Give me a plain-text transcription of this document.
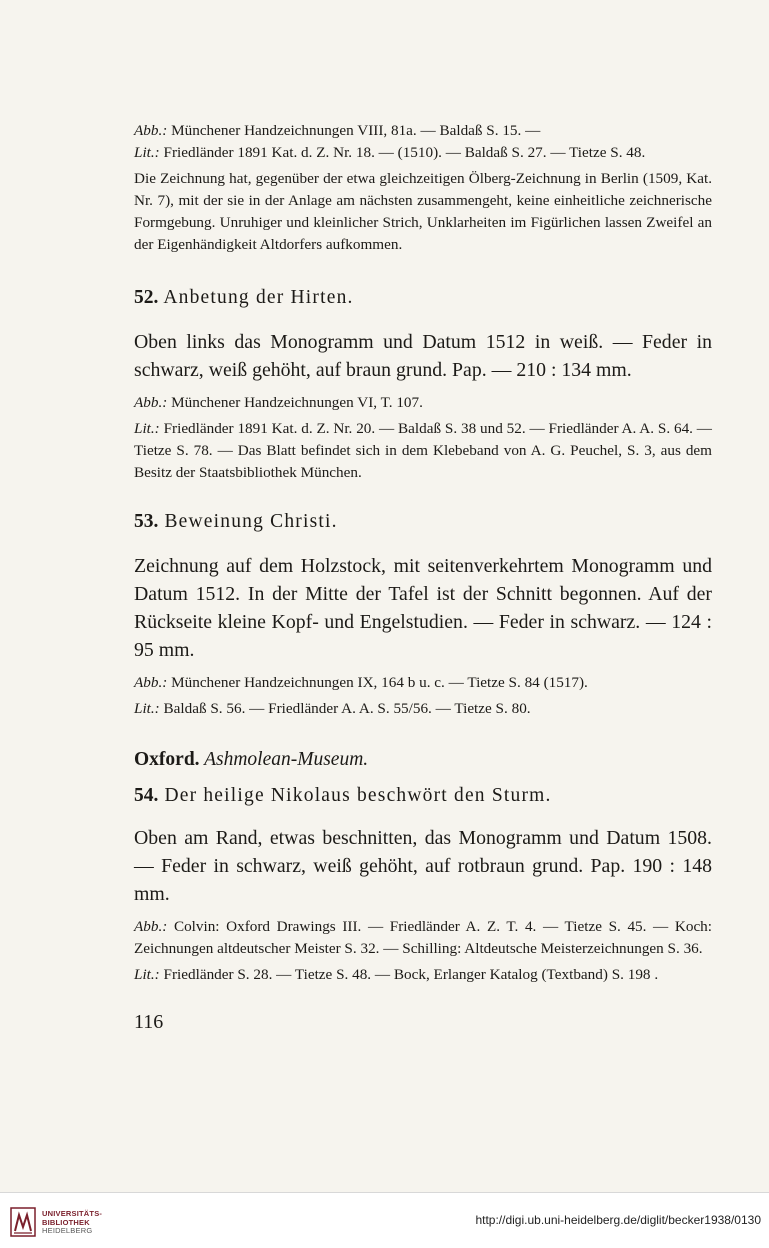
Abb.: Münchener Handzeichnungen VIII, 81a. — Baldaß S. 15. —

Lit.: Friedländer 1891 Kat. d. Z. Nr. 18. — (1510). — Baldaß S. 27. — Tietze S. 48.

Die Zeichnung hat, gegenüber der etwa gleichzeitigen Ölberg-Zeichnung in Berlin (1509, Kat. Nr. 7), mit der sie in der Anlage am nächsten zusammengeht, keine einheitliche zeichnerische Formgebung. Unruhiger und kleinlicher Strich, Unklarheiten im Figürlichen lassen Zweifel an der Eigenhändigkeit Altdorfers aufkommen.

52. Anbetung der Hirten.

Oben links das Monogramm und Datum 1512 in weiß. — Feder in schwarz, weiß gehöht, auf braun grund. Pap. — 210 : 134 mm.

Abb.: Münchener Handzeichnungen VI, T. 107.

Lit.: Friedländer 1891 Kat. d. Z. Nr. 20. — Baldaß S. 38 und 52. — Friedländer A. A. S. 64. — Tietze S. 78. — Das Blatt befindet sich in dem Klebeband von A. G. Peuchel, S. 3, aus dem Besitz der Staatsbibliothek München.

53. Beweinung Christi.

Zeichnung auf dem Holzstock, mit seitenverkehrtem Monogramm und Datum 1512. In der Mitte der Tafel ist der Schnitt begonnen. Auf der Rückseite kleine Kopf- und Engelstudien. — Feder in schwarz. — 124 : 95 mm.

Abb.: Münchener Handzeichnungen IX, 164 b u. c. — Tietze S. 84 (1517).

Lit.: Baldaß S. 56. — Friedländer A. A. S. 55/56. — Tietze S. 80.

Oxford. Ashmolean-Museum.

54. Der heilige Nikolaus beschwört den Sturm.

Oben am Rand, etwas beschnitten, das Monogramm und Datum 1508. — Feder in schwarz, weiß gehöht, auf rotbraun grund. Pap. 190 : 148 mm.

Abb.: Colvin: Oxford Drawings III. — Friedländer A. Z. T. 4. — Tietze S. 45. — Koch: Zeichnungen altdeutscher Meister S. 32. — Schilling: Altdeutsche Meisterzeichnungen S. 36.

Lit.: Friedländer S. 28. — Tietze S. 48. — Bock, Erlanger Katalog (Textband) S. 198 .

116

UNIVERSITÄTS-
BIBLIOTHEK
HEIDELBERG
http://digi.ub.uni-heidelberg.de/diglit/becker1938/0130
